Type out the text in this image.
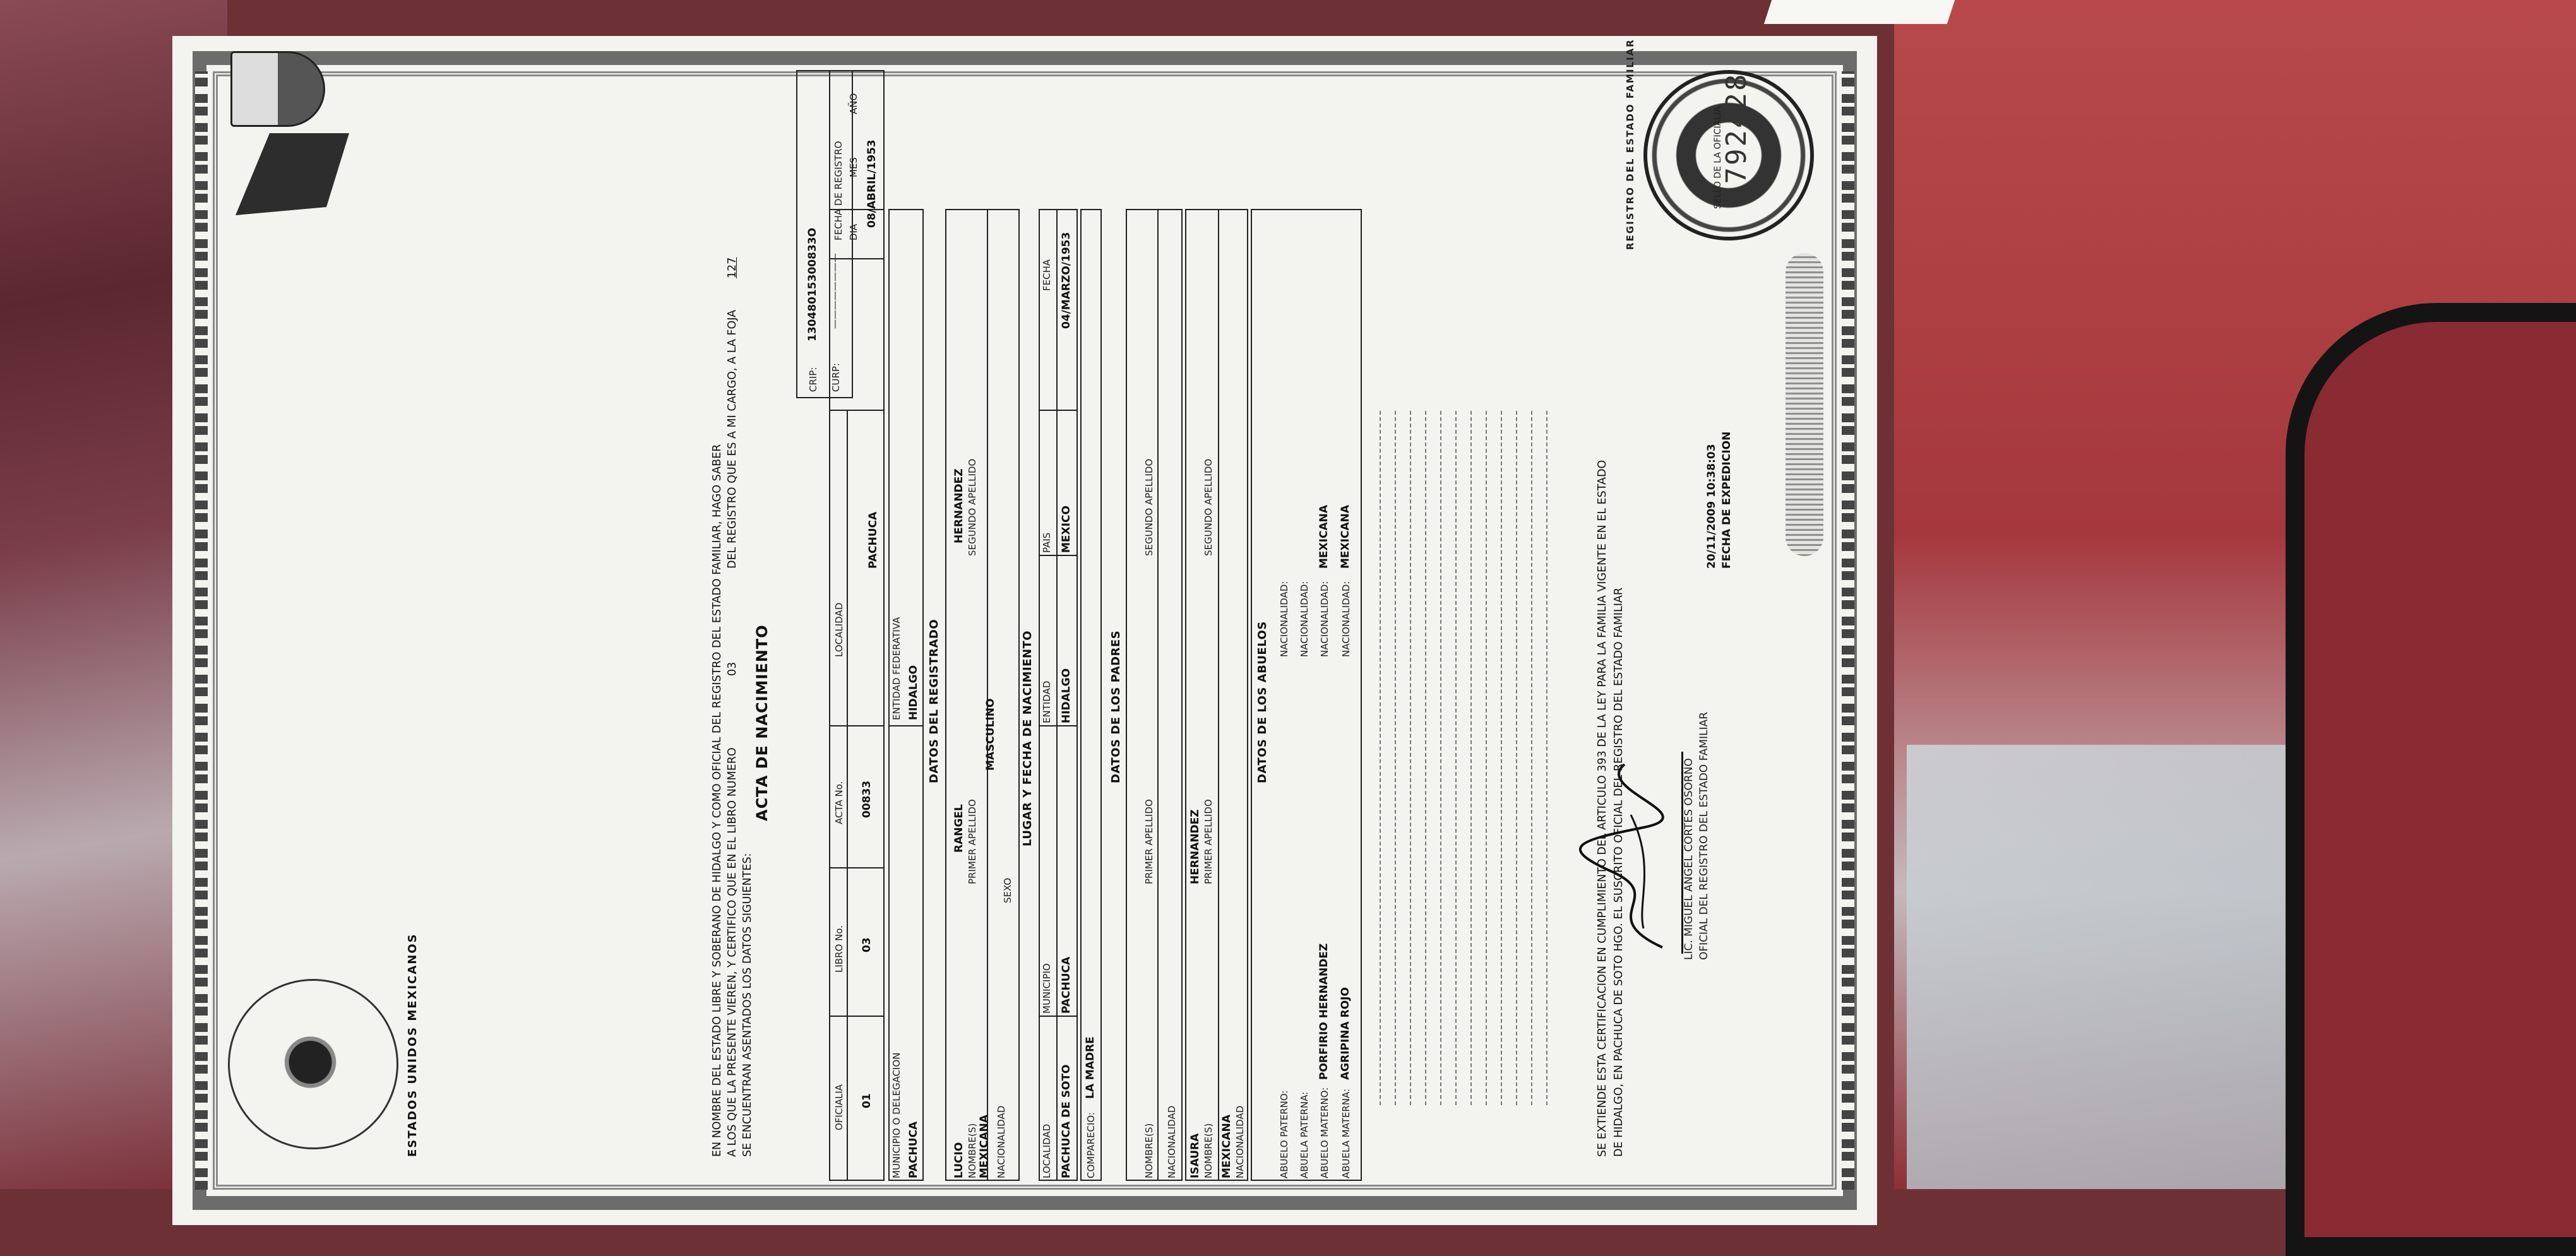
ESTADOS UNIDOS MEXICANOS	EN NOMBRE DEL ESTADO LIBRE Y SOBERANO DE HIDALGO Y COMO OFICIAL DEL REGISTRO DEL ESTADO FAMILIAR, HAGO SABER A LOS QUE LA PRESENTE VIEREN, Y CERTIFICO QUE EN EL LIBRO NUMERO
03
DEL REGISTRO QUE ES A MI CARGO, A LA FOJA
127
SE ENCUENTRAN ASENTADOS LOS DATOS SIGUIENTES:
ACTA DE NACIMIENTO
OFICIALIA 01
LIBRO No. 03
ACTA No. 00833
LOCALIDAD
PACHUCA
CRIP:
13048015300833O
CURP:
————————
FECHA DE REGISTRO DIA
MES
AÑO
08/ABRIL/1953
MUNICIPIO O DELEGACION PACHUCA
ENTIDAD FEDERATIVA HIDALGO DATOS DEL REGISTRADO
LUCIO NOMBRE(S)
RANGEL PRIMER APELLIDO
HERNANDEZ SEGUNDO APELLIDO
MEXICANA
MASCULINO
NACIONALIDAD
SEXO
LUGAR Y FECHA DE NACIMIENTO
LOCALIDAD PACHUCA DE SOTO
MUNICIPIO PACHUCA
ENTIDAD HIDALGO
PAIS MEXICO
FECHA 04/MARZO/1953
COMPARECIO:
LA MADRE
DATOS DE LOS PADRES
NOMBRE(S)
PRIMER APELLIDO
SEGUNDO APELLIDO
NACIONALIDAD ISAURA
HERNANDEZ
NOMBRE(S)
PRIMER APELLIDO
SEGUNDO APELLIDO
MEXICANA NACIONALIDAD
DATOS DE LOS ABUELOS
ABUELO PATERNO:
NACIONALIDAD:
ABUELA PATERNA:
NACIONALIDAD:
ABUELO MATERNO:
PORFIRIO HERNANDEZ
NACIONALIDAD:
MEXICANA
ABUELA MATERNA:
AGRIPINA ROJO
NACIONALIDAD:
MEXICANA
REGISTRO DEL ESTADO FAMILIAR
SE EXTIENDE ESTA CERTIFICACION EN CUMPLIMIENTO DEL ARTICULO 393 DE LA LEY PARA LA FAMILIA VIGENTE EN EL ESTADO DE HIDALGO, EN PACHUCA DE SOTO HGO. EL SUSCRITO OFICIAL DEL REGISTRO DEL ESTADO FAMILIAR	LIC. MIGUEL ANGEL CORTES OSORNO OFICIAL DEL REGISTRO DEL ESTADO FAMILIAR
20/11/2009 10:38:03 FECHA DE EXPEDICION
SELLO DE LA OFICIALIA
2792428
